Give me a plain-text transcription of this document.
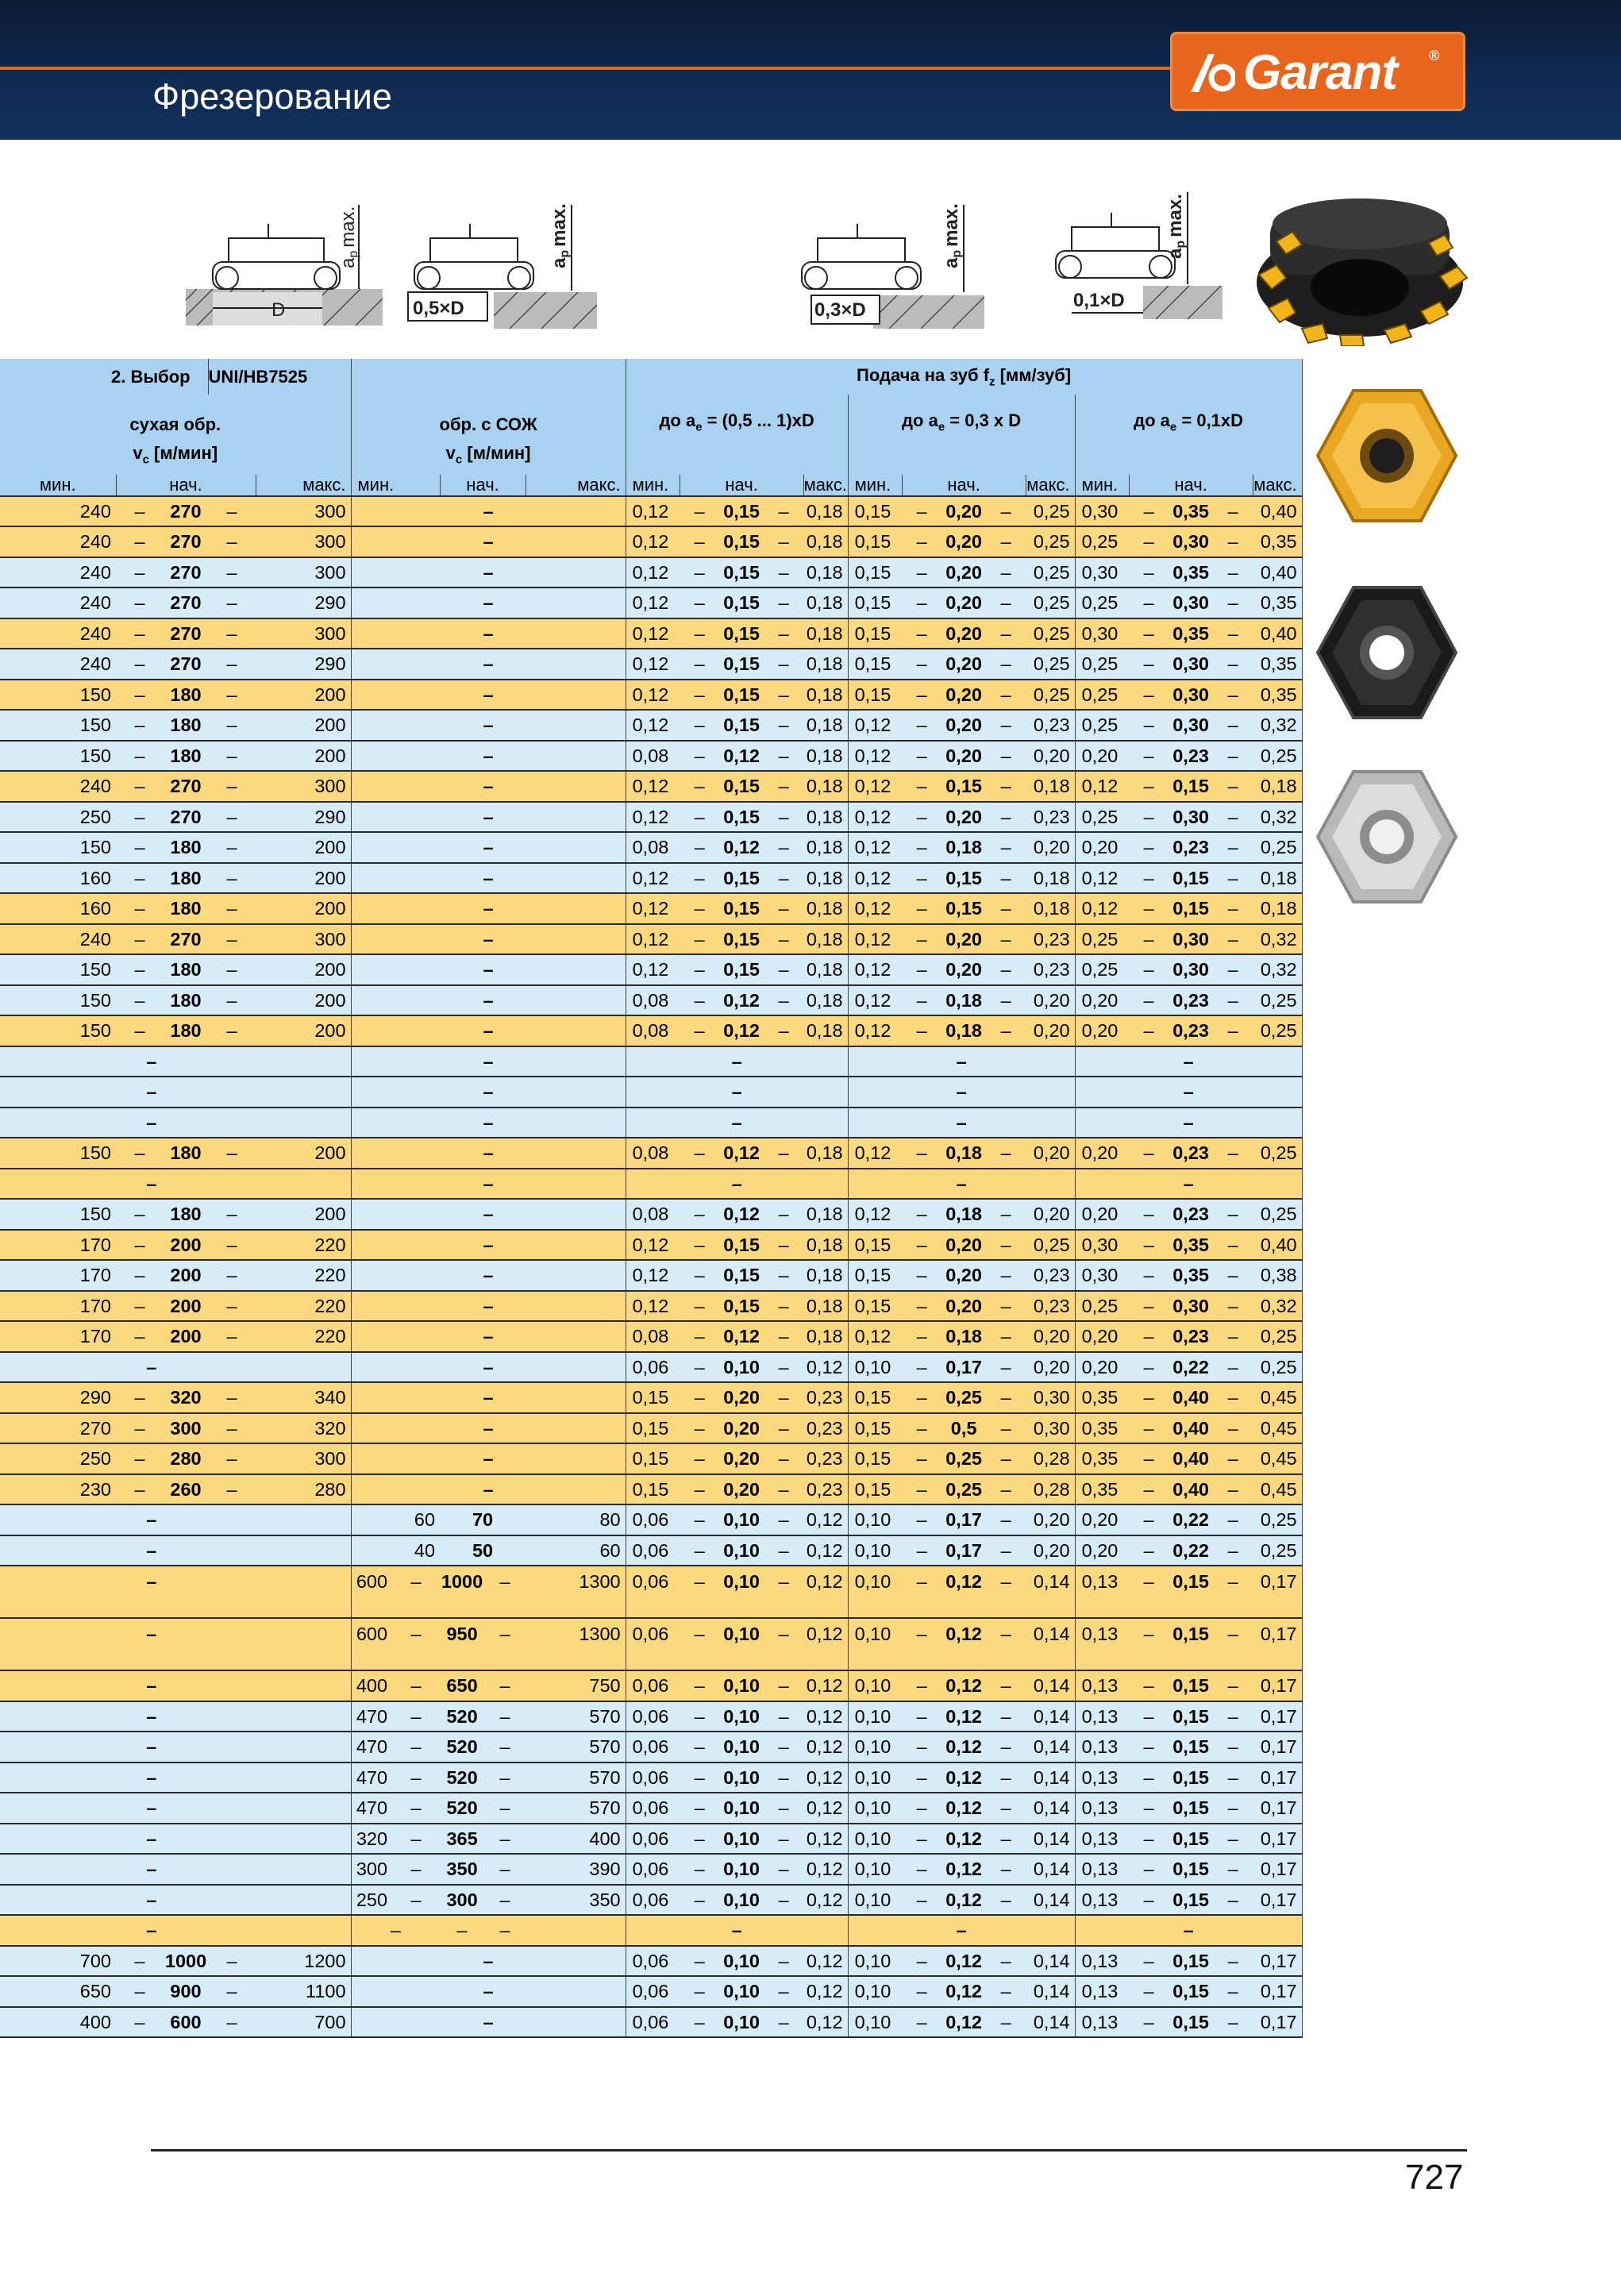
Фрезерование	Garant ®
D
apmax.
0,5×D
apmax.
0,3×D
apmax.
0,1×D
apmax.
2. Выбор			UNI/HB7525							Подача на зуб $f_z$ [мм/зуб]														
сухая обр.
$v_c$ [м/мин]					обр. с СОЖ
$v_c$ [м/мин]					до $a_e = (0,5$ ... 1)xD					до $a_e = 0,3$ x D					до $a_e = 0,1xD$				
мин.	нач.			макс.	мин.		нач.		макс.	мин.	нач.			макс.	мин.	нач.			макс.	мин.	нач.			макс.
240	–	270	–	300	–					0,12	–	0,15	–	0,18	0,15	–	0,20	–	0,25	0,30	–	0,35	–	0,40
240	–	270	–	300	–					0,12	–	0,15	–	0,18	0,15	–	0,20	–	0,25	0,25	–	0,30	–	0,35
240	–	270	–	300	–					0,12	–	0,15	–	0,18	0,15	–	0,20	–	0,25	0,30	–	0,35	–	0,40
240	–	270	–	290	–					0,12	–	0,15	–	0,18	0,15	–	0,20	–	0,25	0,25	–	0,30	–	0,35
240	–	270	–	300	–					0,12	–	0,15	–	0,18	0,15	–	0,20	–	0,25	0,30	–	0,35	–	0,40
240	–	270	–	290	–					0,12	–	0,15	–	0,18	0,15	–	0,20	–	0,25	0,25	–	0,30	–	0,35
150	–	180	–	200	–					0,12	–	0,15	–	0,18	0,15	–	0,20	–	0,25	0,25	–	0,30	–	0,35
150	–	180	–	200	–					0,12	–	0,15	–	0,18	0,12	–	0,20	–	0,23	0,25	–	0,30	–	0,32
150	–	180	–	200	–					0,08	–	0,12	–	0,18	0,12	–	0,20	–	0,20	0,20	–	0,23	–	0,25
240	–	270	–	300	–					0,12	–	0,15	–	0,18	0,12	–	0,15	–	0,18	0,12	–	0,15	–	0,18
250	–	270	–	290	–					0,12	–	0,15	–	0,18	0,12	–	0,20	–	0,23	0,25	–	0,30	–	0,32
150	–	180	–	200	–					0,08	–	0,12	–	0,18	0,12	–	0,18	–	0,20	0,20	–	0,23	–	0,25
160	–	180	–	200	–					0,12	–	0,15	–	0,18	0,12	–	0,15	–	0,18	0,12	–	0,15	–	0,18
160	–	180	–	200	–					0,12	–	0,15	–	0,18	0,12	–	0,15	–	0,18	0,12	–	0,15	–	0,18
240	–	270	–	300	–					0,12	–	0,15	–	0,18	0,12	–	0,20	–	0,23	0,25	–	0,30	–	0,32
150	–	180	–	200	–					0,12	–	0,15	–	0,18	0,12	–	0,20	–	0,23	0,25	–	0,30	–	0,32
150	–	180	–	200	–					0,08	–	0,12	–	0,18	0,12	–	0,18	–	0,20	0,20	–	0,23	–	0,25
150	–	180	–	200	–					0,08	–	0,12	–	0,18	0,12	–	0,18	–	0,20	0,20	–	0,23	–	0,25
–					–					–					–					–				
–					–					–					–					–				
–					–					–					–					–				
150	–	180	–	200	–					0,08	–	0,12	–	0,18	0,12	–	0,18	–	0,20	0,20	–	0,23	–	0,25
–					–					–					–					–				
150	–	180	–	200	–					0,08	–	0,12	–	0,18	0,12	–	0,18	–	0,20	0,20	–	0,23	–	0,25
170	–	200	–	220	–					0,12	–	0,15	–	0,18	0,15	–	0,20	–	0,25	0,30	–	0,35	–	0,40
170	–	200	–	220	–					0,12	–	0,15	–	0,18	0,15	–	0,20	–	0,23	0,30	–	0,35	–	0,38
170	–	200	–	220	–					0,12	–	0,15	–	0,18	0,15	–	0,20	–	0,23	0,25	–	0,30	–	0,32
170	–	200	–	220	–					0,08	–	0,12	–	0,18	0,12	–	0,18	–	0,20	0,20	–	0,23	–	0,25
–					–					0,06	–	0,10	–	0,12	0,10	–	0,17	–	0,20	0,20	–	0,22	–	0,25
290	–	320	–	340	–					0,15	–	0,20	–	0,23	0,15	–	0,25	–	0,30	0,35	–	0,40	–	0,45
270	–	300	–	320	–					0,15	–	0,20	–	0,23	0,15	–	0,5	–	0,30	0,35	–	0,40	–	0,45
250	–	280	–	300	–					0,15	–	0,20	–	0,23	0,15	–	0,25	–	0,28	0,35	–	0,40	–	0,45
230	–	260	–	280	–					0,15	–	0,20	–	0,23	0,15	–	0,25	–	0,28	0,35	–	0,40	–	0,45
–					60		70		80	0,06	–	0,10	–	0,12	0,10	–	0,17	–	0,20	0,20	–	0,22	–	0,25
–					40		50		60	0,06	–	0,10	–	0,12	0,10	–	0,17	–	0,20	0,20	–	0,22	–	0,25
–					600	–	1000	–	1300	0,06	–	0,10	–	0,12	0,10	–	0,12	–	0,14	0,13	–	0,15	–	0,17
–					600	–	950	–	1300	0,06	–	0,10	–	0,12	0,10	–	0,12	–	0,14	0,13	–	0,15	–	0,17
–					400	–	650	–	750	0,06	–	0,10	–	0,12	0,10	–	0,12	–	0,14	0,13	–	0,15	–	0,17
–					470	–	520	–	570	0,06	–	0,10	–	0,12	0,10	–	0,12	–	0,14	0,13	–	0,15	–	0,17
–					470	–	520	–	570	0,06	–	0,10	–	0,12	0,10	–	0,12	–	0,14	0,13	–	0,15	–	0,17
–					470	–	520	–	570	0,06	–	0,10	–	0,12	0,10	–	0,12	–	0,14	0,13	–	0,15	–	0,17
–					470	–	520	–	570	0,06	–	0,10	–	0,12	0,10	–	0,12	–	0,14	0,13	–	0,15	–	0,17
–					320	–	365	–	400	0,06	–	0,10	–	0,12	0,10	–	0,12	–	0,14	0,13	–	0,15	–	0,17
–					300	–	350	–	390	0,06	–	0,10	–	0,12	0,10	–	0,12	–	0,14	0,13	–	0,15	–	0,17
–					250	–	300	–	350	0,06	–	0,10	–	0,12	0,10	–	0,12	–	0,14	0,13	–	0,15	–	0,17
–					–		–	–		–					–					–				
700	–	1000	–	1200	–					0,06	–	0,10	–	0,12	0,10	–	0,12	–	0,14	0,13	–	0,15	–	0,17
650	–	900	–	1100	–					0,06	–	0,10	–	0,12	0,10	–	0,12	–	0,14	0,13	–	0,15	–	0,17
400	–	600	–	700	–					0,06	–	0,10	–	0,12	0,10	–	0,12	–	0,14	0,13	–	0,15	–	0,17
727
